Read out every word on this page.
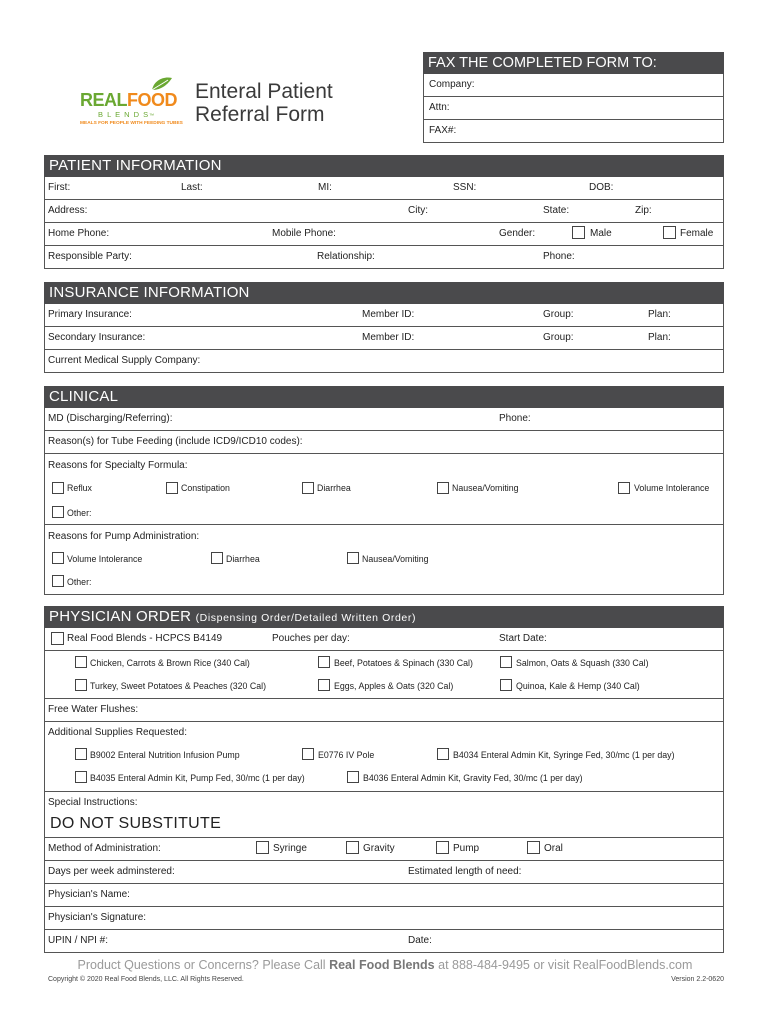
REALFOOD
B L E N D S™
MEALS FOR PEOPLE WITH FEEDING TUBES
Enteral Patient
Referral Form
FAX THE COMPLETED FORM TO:
Company:
Attn:
FAX#:
PATIENT INFORMATION
First:	Last:	MI:	SSN:	DOB:
Address:	City:	State:	Zip:
Home Phone:	Mobile Phone:	Gender:	Male	Female
Responsible Party:	Relationship:	Phone:
INSURANCE INFORMATION
Primary Insurance:	Member ID:	Group:	Plan:
Secondary Insurance:	Member ID:	Group:	Plan:
Current Medical Supply Company:
CLINICAL
MD (Discharging/Referring):	Phone:
Reason(s) for Tube Feeding (include ICD9/ICD10 codes):
Reasons for Specialty Formula:
Reflux	Constipation	Diarrhea	Nausea/Vomiting	Volume Intolerance
Other:
Reasons for Pump Administration:
Volume Intolerance	Diarrhea	Nausea/Vomiting
Other:
PHYSICIAN ORDER (Dispensing Order/Detailed Written Order)
Real Food Blends - HCPCS B4149	Pouches per day:	Start Date:
Chicken, Carrots & Brown Rice (340 Cal)	Beef, Potatoes & Spinach (330 Cal)	Salmon, Oats & Squash (330 Cal)
Turkey, Sweet Potatoes & Peaches (320 Cal)	Eggs, Apples & Oats (320 Cal)	Quinoa, Kale & Hemp (340 Cal)
Free Water Flushes:
Additional Supplies Requested:
B9002 Enteral Nutrition Infusion Pump	E0776 IV Pole	B4034 Enteral Admin Kit, Syringe Fed, 30/mc (1 per day)
B4035 Enteral Admin Kit, Pump Fed, 30/mc (1 per day)	B4036 Enteral Admin Kit, Gravity Fed, 30/mc (1 per day)
Special Instructions:
DO NOT SUBSTITUTE
Method of Administration:	Syringe	Gravity	Pump	Oral
Days per week adminstered:	Estimated length of need:
Physician's Name:
Physician's Signature:
UPIN / NPI #:	Date:
Product Questions or Concerns? Please Call Real Food Blends at 888-484-9495 or visit RealFoodBlends.com
Copyright © 2020 Real Food Blends, LLC. All Rights Reserved.	Version 2.2-0620
